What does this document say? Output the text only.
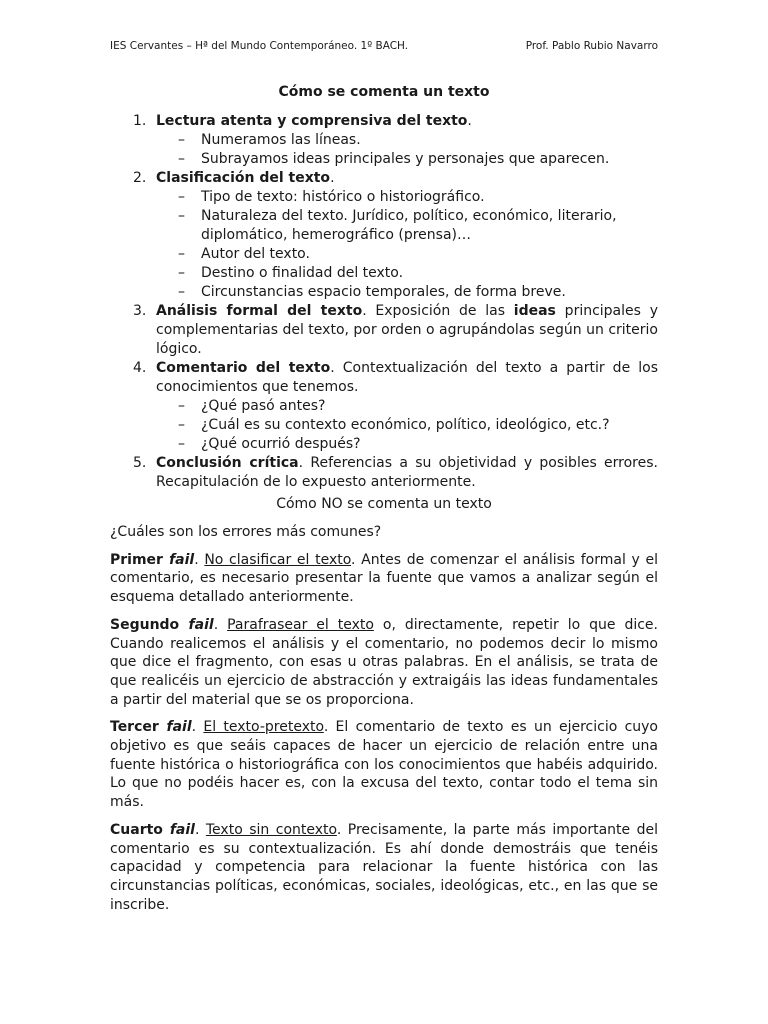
IES Cervantes – Hª del Mundo Contemporáneo. 1º BACH.	Prof. Pablo Rubio Navarro
Cómo se comenta un texto
1. Lectura atenta y comprensiva del texto.
– Numeramos las líneas.
– Subrayamos ideas principales y personajes que aparecen.
2. Clasificación del texto.
– Tipo de texto: histórico o historiográfico.
– Naturaleza del texto. Jurídico, político, económico, literario,
diplomático, hemerográfico (prensa)…
– Autor del texto.
– Destino o finalidad del texto.
– Circunstancias espacio temporales, de forma breve.
3. Análisis formal del texto. Exposición de las ideas principales y complementarias del texto, por orden o agrupándolas según un criterio lógico.
4. Comentario del texto. Contextualización del texto a partir de los conocimientos que tenemos.
– ¿Qué pasó antes?
– ¿Cuál es su contexto económico, político, ideológico, etc.?
– ¿Qué ocurrió después?
5. Conclusión crítica. Referencias a su objetividad y posibles errores. Recapitulación de lo expuesto anteriormente.
Cómo NO se comenta un texto

¿Cuáles son los errores más comunes?

Primer fail. No clasificar el texto. Antes de comenzar el análisis formal y el comentario, es necesario presentar la fuente que vamos a analizar según el esquema detallado anteriormente.

Segundo fail. Parafrasear el texto o, directamente, repetir lo que dice. Cuando realicemos el análisis y el comentario, no podemos decir lo mismo que dice el fragmento, con esas u otras palabras. En el análisis, se trata de que realicéis un ejercicio de abstracción y extraigáis las ideas fundamentales a partir del material que se os proporciona.

Tercer fail. El texto-pretexto. El comentario de texto es un ejercicio cuyo objetivo es que seáis capaces de hacer un ejercicio de relación entre una fuente histórica o historiográfica con los conocimientos que habéis adquirido. Lo que no podéis hacer es, con la excusa del texto, contar todo el tema sin más.

Cuarto fail. Texto sin contexto. Precisamente, la parte más importante del comentario es su contextualización. Es ahí donde demostráis que tenéis capacidad y competencia para relacionar la fuente histórica con las circunstancias políticas, económicas, sociales, ideológicas, etc., en las que se inscribe.
